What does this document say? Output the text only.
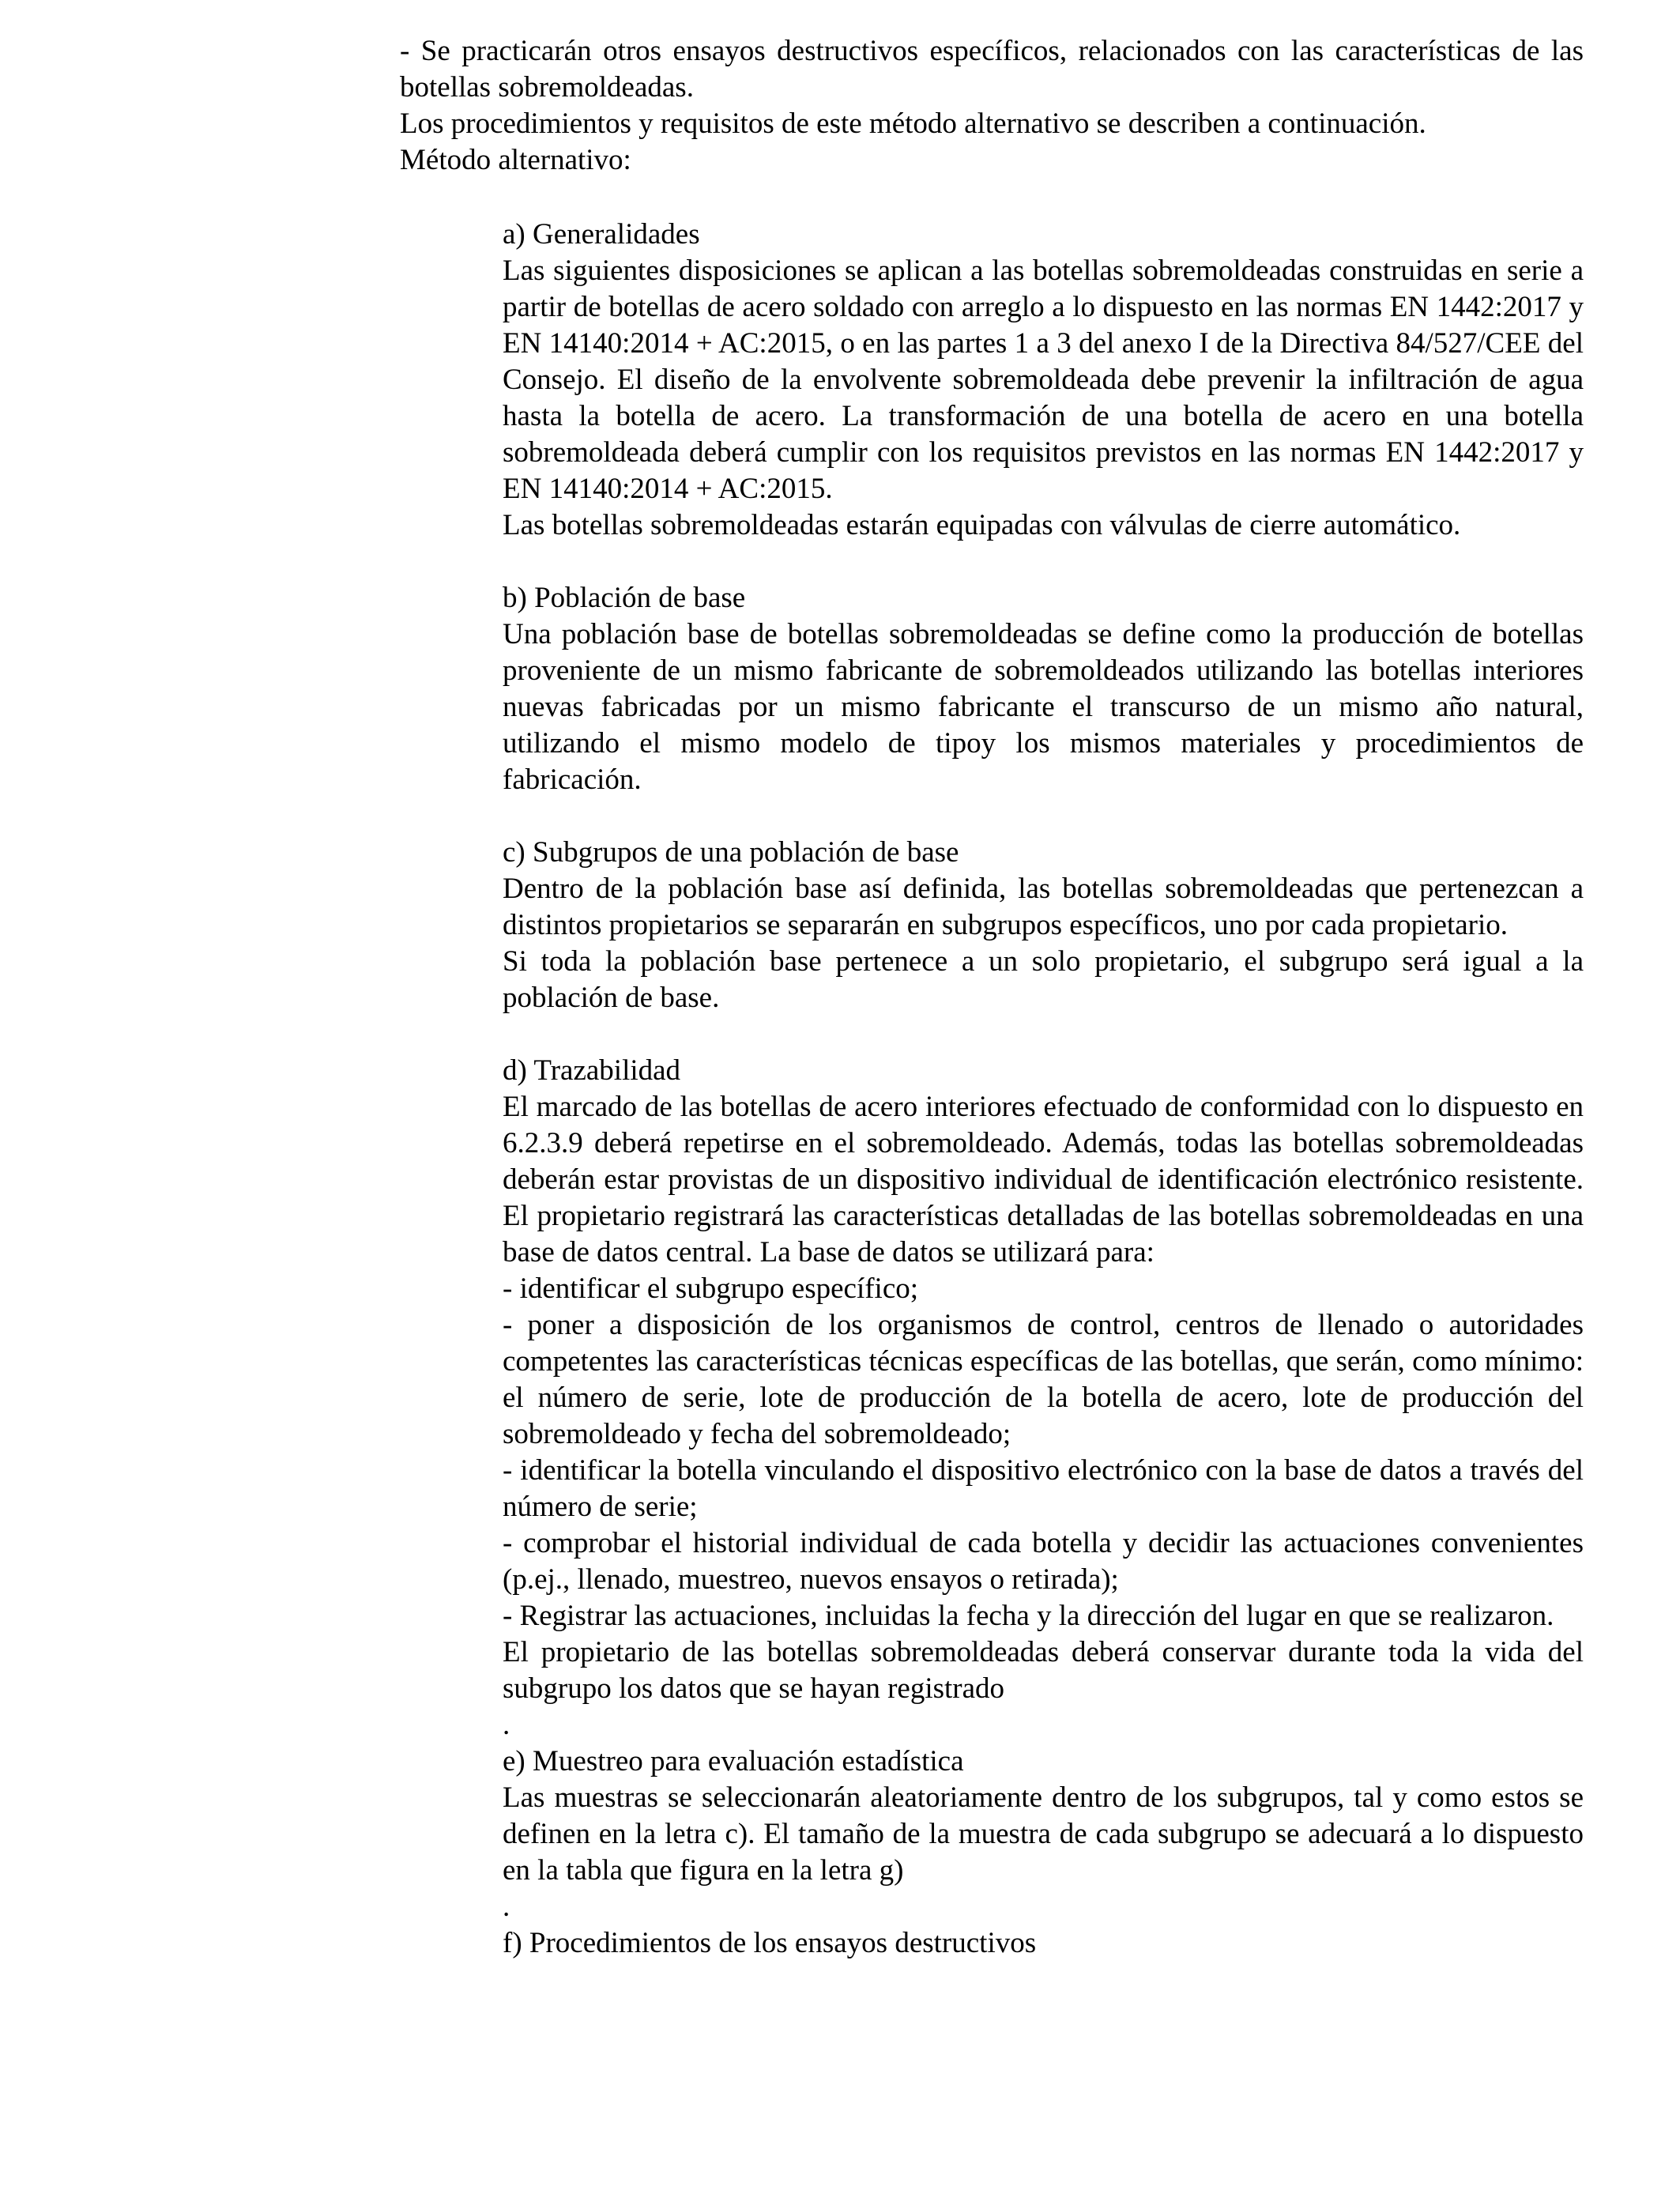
- Se practicarán otros ensayos destructivos específicos, relacionados con las características de las botellas sobremoldeadas.

Los procedimientos y requisitos de este método alternativo se describen a continuación.

Método alternativo:

a) Generalidades

Las siguientes disposiciones se aplican a las botellas sobremoldeadas construidas en serie a partir de botellas de acero soldado con arreglo a lo dispuesto en las normas EN 1442:2017 y EN 14140:2014 + AC:2015, o en las partes 1 a 3 del anexo I de la Directiva 84/527/CEE del Consejo. El diseño de la envolvente sobremoldeada debe prevenir la infiltración de agua hasta la botella de acero. La transformación de una botella de acero en una botella sobremoldeada deberá cumplir con los requisitos previstos en las normas EN 1442:2017 y EN 14140:2014 + AC:2015.

Las botellas sobremoldeadas estarán equipadas con válvulas de cierre automático.

b) Población de base

Una población base de botellas sobremoldeadas se define como la producción de botellas proveniente de un mismo fabricante de sobremoldeados utilizando las botellas interiores nuevas fabricadas por un mismo fabricante el transcurso de un mismo año natural, utilizando el mismo modelo de tipoy los mismos materiales y procedimientos de fabricación.

c) Subgrupos de una población de base

Dentro de la población base así definida, las botellas sobremoldeadas que pertenezcan a distintos propietarios se separarán en subgrupos específicos, uno por cada propietario.

Si toda la población base pertenece a un solo propietario, el subgrupo será igual a la población de base.

d) Trazabilidad

El marcado de las botellas de acero interiores efectuado de conformidad con lo dispuesto en 6.2.3.9 deberá repetirse en el sobremoldeado. Además, todas las botellas sobremoldeadas deberán estar provistas de un dispositivo individual de identificación electrónico resistente. El propietario registrará las características detalladas de las botellas sobremoldeadas en una base de datos central. La base de datos se utilizará para:

- identificar el subgrupo específico;

- poner a disposición de los organismos de control, centros de llenado o autoridades competentes las características técnicas específicas de las botellas, que serán, como mínimo: el número de serie, lote de producción de la botella de acero, lote de producción del sobremoldeado y fecha del sobremoldeado;

- identificar la botella vinculando el dispositivo electrónico con la base de datos a través del número de serie;

- comprobar el historial individual de cada botella y decidir las actuaciones convenientes (p.ej., llenado, muestreo, nuevos ensayos o retirada);

- Registrar las actuaciones, incluidas la fecha y la dirección del lugar en que se realizaron.

El propietario de las botellas sobremoldeadas deberá conservar durante toda la vida del subgrupo los datos que se hayan registrado

.

e) Muestreo para evaluación estadística

Las muestras se seleccionarán aleatoriamente dentro de los subgrupos, tal y como estos se definen en la letra c). El tamaño de la muestra de cada subgrupo se adecuará a lo dispuesto en la tabla que figura en la letra g)

.

f) Procedimientos de los ensayos destructivos
